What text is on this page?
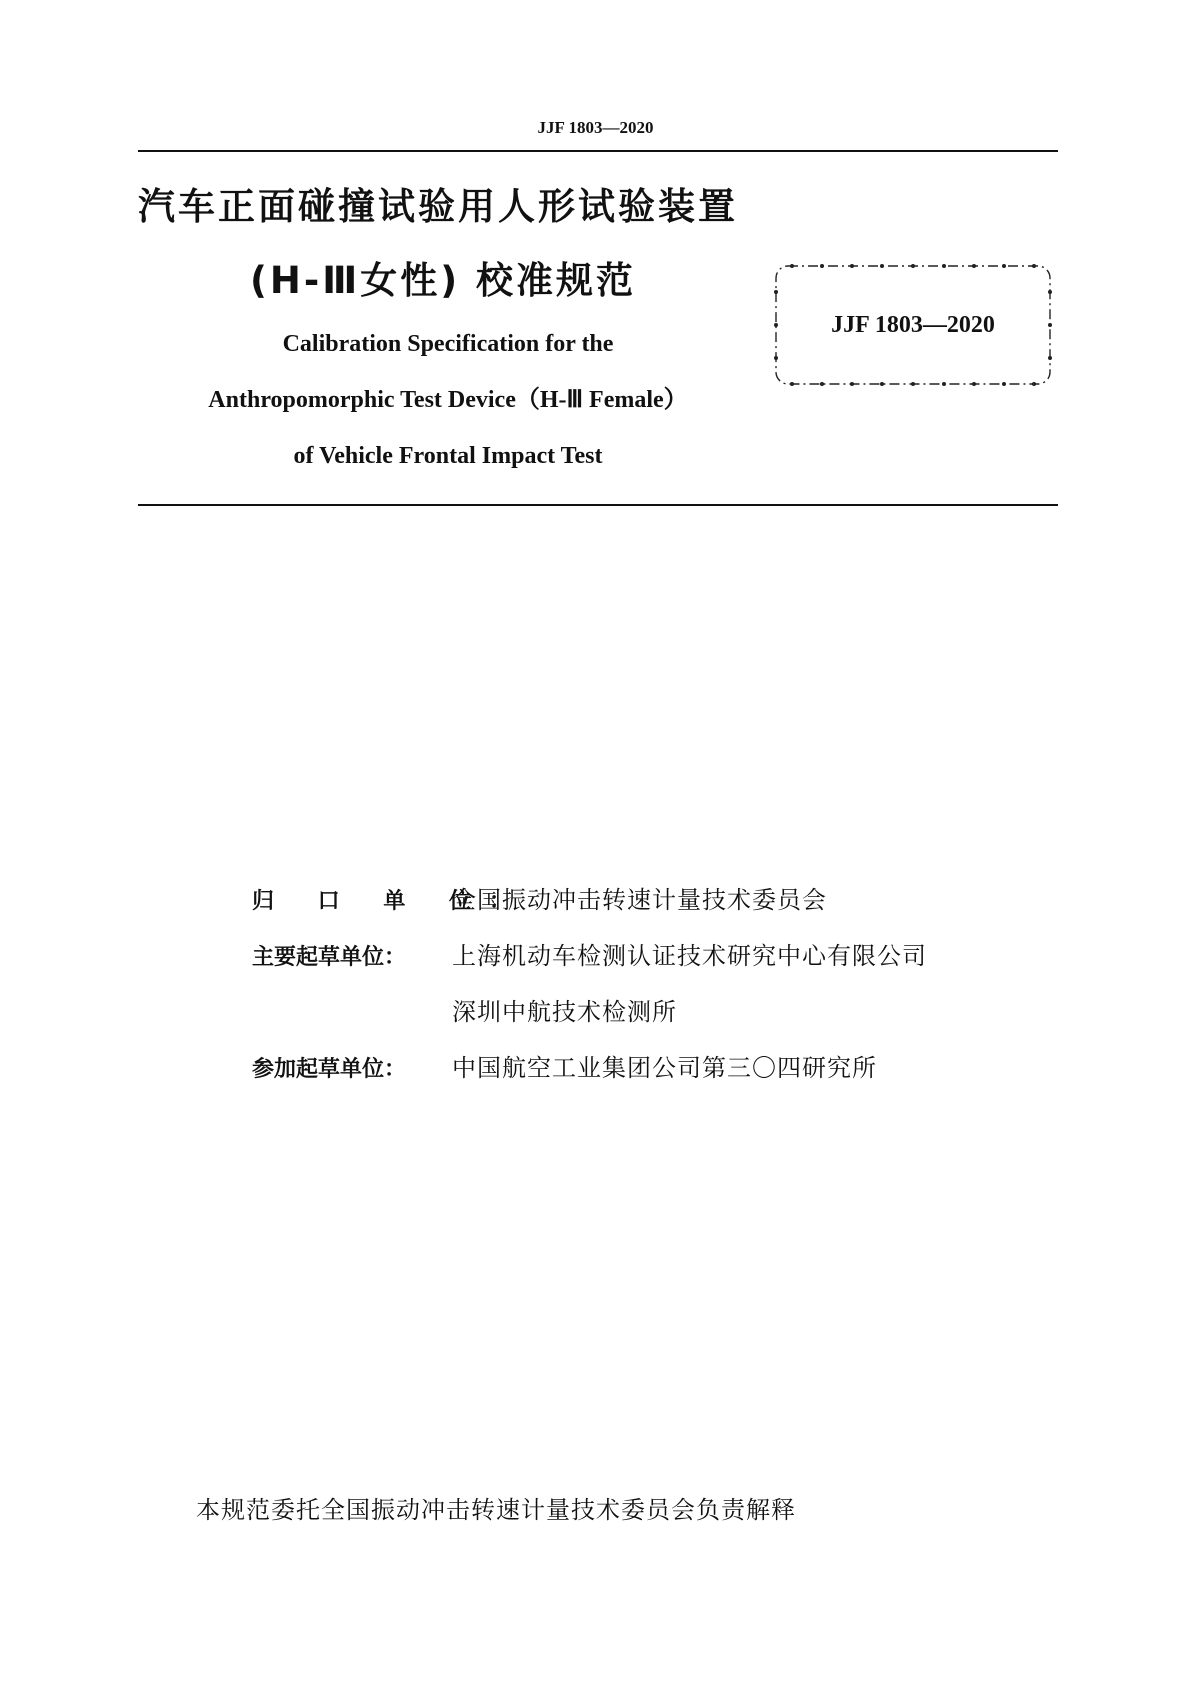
JJF 1803—2020
汽车正面碰撞试验用人形试验装置
(H-Ⅲ女性) 校准规范
Calibration Specification for the
Anthropomorphic Test Device（H-Ⅲ Female）
of Vehicle Frontal Impact Test
JJF 1803—2020
归 口 单 位：全国振动冲击转速计量技术委员会
主要起草单位： 上海机动车检测认证技术研究中心有限公司
深圳中航技术检测所
参加起草单位： 中国航空工业集团公司第三〇四研究所
本规范委托全国振动冲击转速计量技术委员会负责解释
